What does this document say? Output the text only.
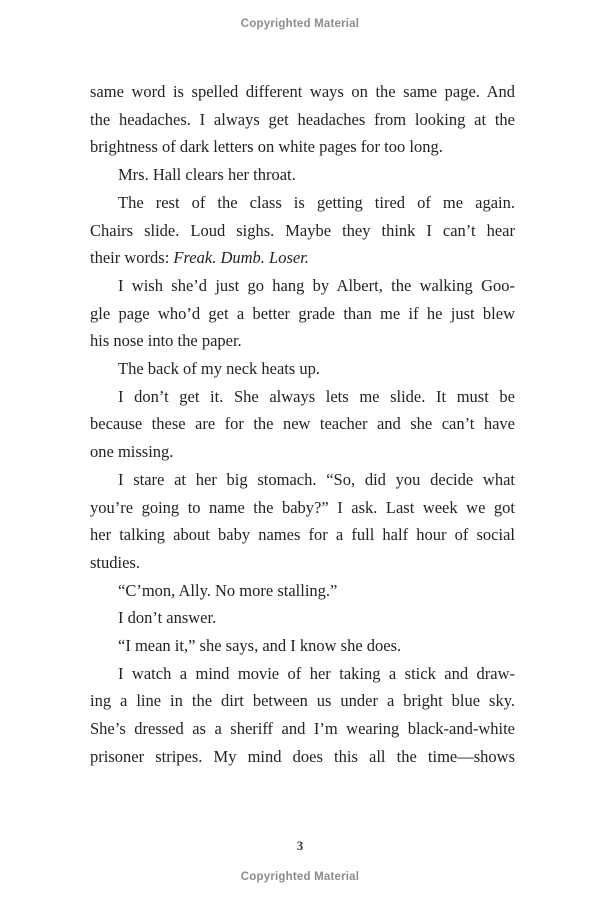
Copyrighted Material
same word is spelled different ways on the same page. And
the headaches. I always get headaches from looking at the
brightness of dark letters on white pages for too long.
Mrs. Hall clears her throat.
The rest of the class is getting tired of me again.
Chairs slide. Loud sighs. Maybe they think I can’t hear
their words: Freak. Dumb. Loser.
I wish she’d just go hang by Albert, the walking Goo-
gle page who’d get a better grade than me if he just blew
his nose into the paper.
The back of my neck heats up.
I don’t get it. She always lets me slide. It must be
because these are for the new teacher and she can’t have
one missing.
I stare at her big stomach. “So, did you decide what
you’re going to name the baby?” I ask. Last week we got
her talking about baby names for a full half hour of social
studies.
“C’mon, Ally. No more stalling.”
I don’t answer.
“I mean it,” she says, and I know she does.
I watch a mind movie of her taking a stick and draw-
ing a line in the dirt between us under a bright blue sky.
She’s dressed as a sheriff and I’m wearing black-and-white
prisoner stripes. My mind does this all the time—shows
3
Copyrighted Material
